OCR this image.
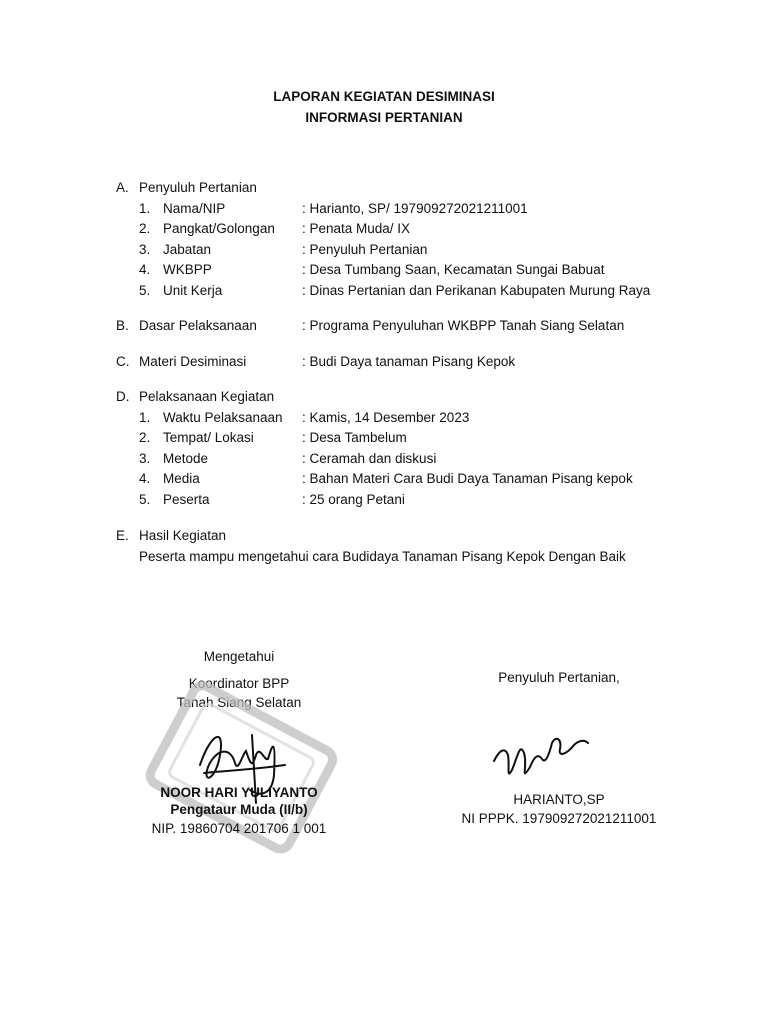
LAPORAN KEGIATAN DESIMINASI
INFORMASI PERTANIAN
A. Penyuluh Pertanian
1. Nama/NIP	: Harianto, SP/ 197909272021211001
2. Pangkat/Golongan : Penata Muda/ IX
3. Jabatan	: Penyuluh Pertanian
4. WKBPP	: Desa Tumbang Saan, Kecamatan Sungai Babuat
5. Unit Kerja	: Dinas Pertanian dan Perikanan Kabupaten Murung Raya
B. Dasar Pelaksanaan	: Programa Penyuluhan WKBPP Tanah Siang Selatan
C. Materi Desiminasi	: Budi Daya tanaman Pisang Kepok
D. Pelaksanaan Kegiatan
1. Waktu Pelaksanaan : Kamis, 14 Desember 2023
2. Tempat/ Lokasi	: Desa Tambelum
3. Metode	: Ceramah dan diskusi
4. Media	: Bahan Materi Cara Budi Daya Tanaman Pisang kepok
5. Peserta	: 25 orang Petani
E. Hasil Kegiatan
Peserta mampu mengetahui cara Budidaya Tanaman Pisang Kepok Dengan Baik
Mengetahui
Koordinator BPP
Tanah Siang Selatan
NOOR HARI YULIYANTO
Pengataur Muda (II/b)
NIP. 19860704 201706 1 001
Penyuluh Pertanian,
HARIANTO,SP
NI PPPK. 197909272021211001
